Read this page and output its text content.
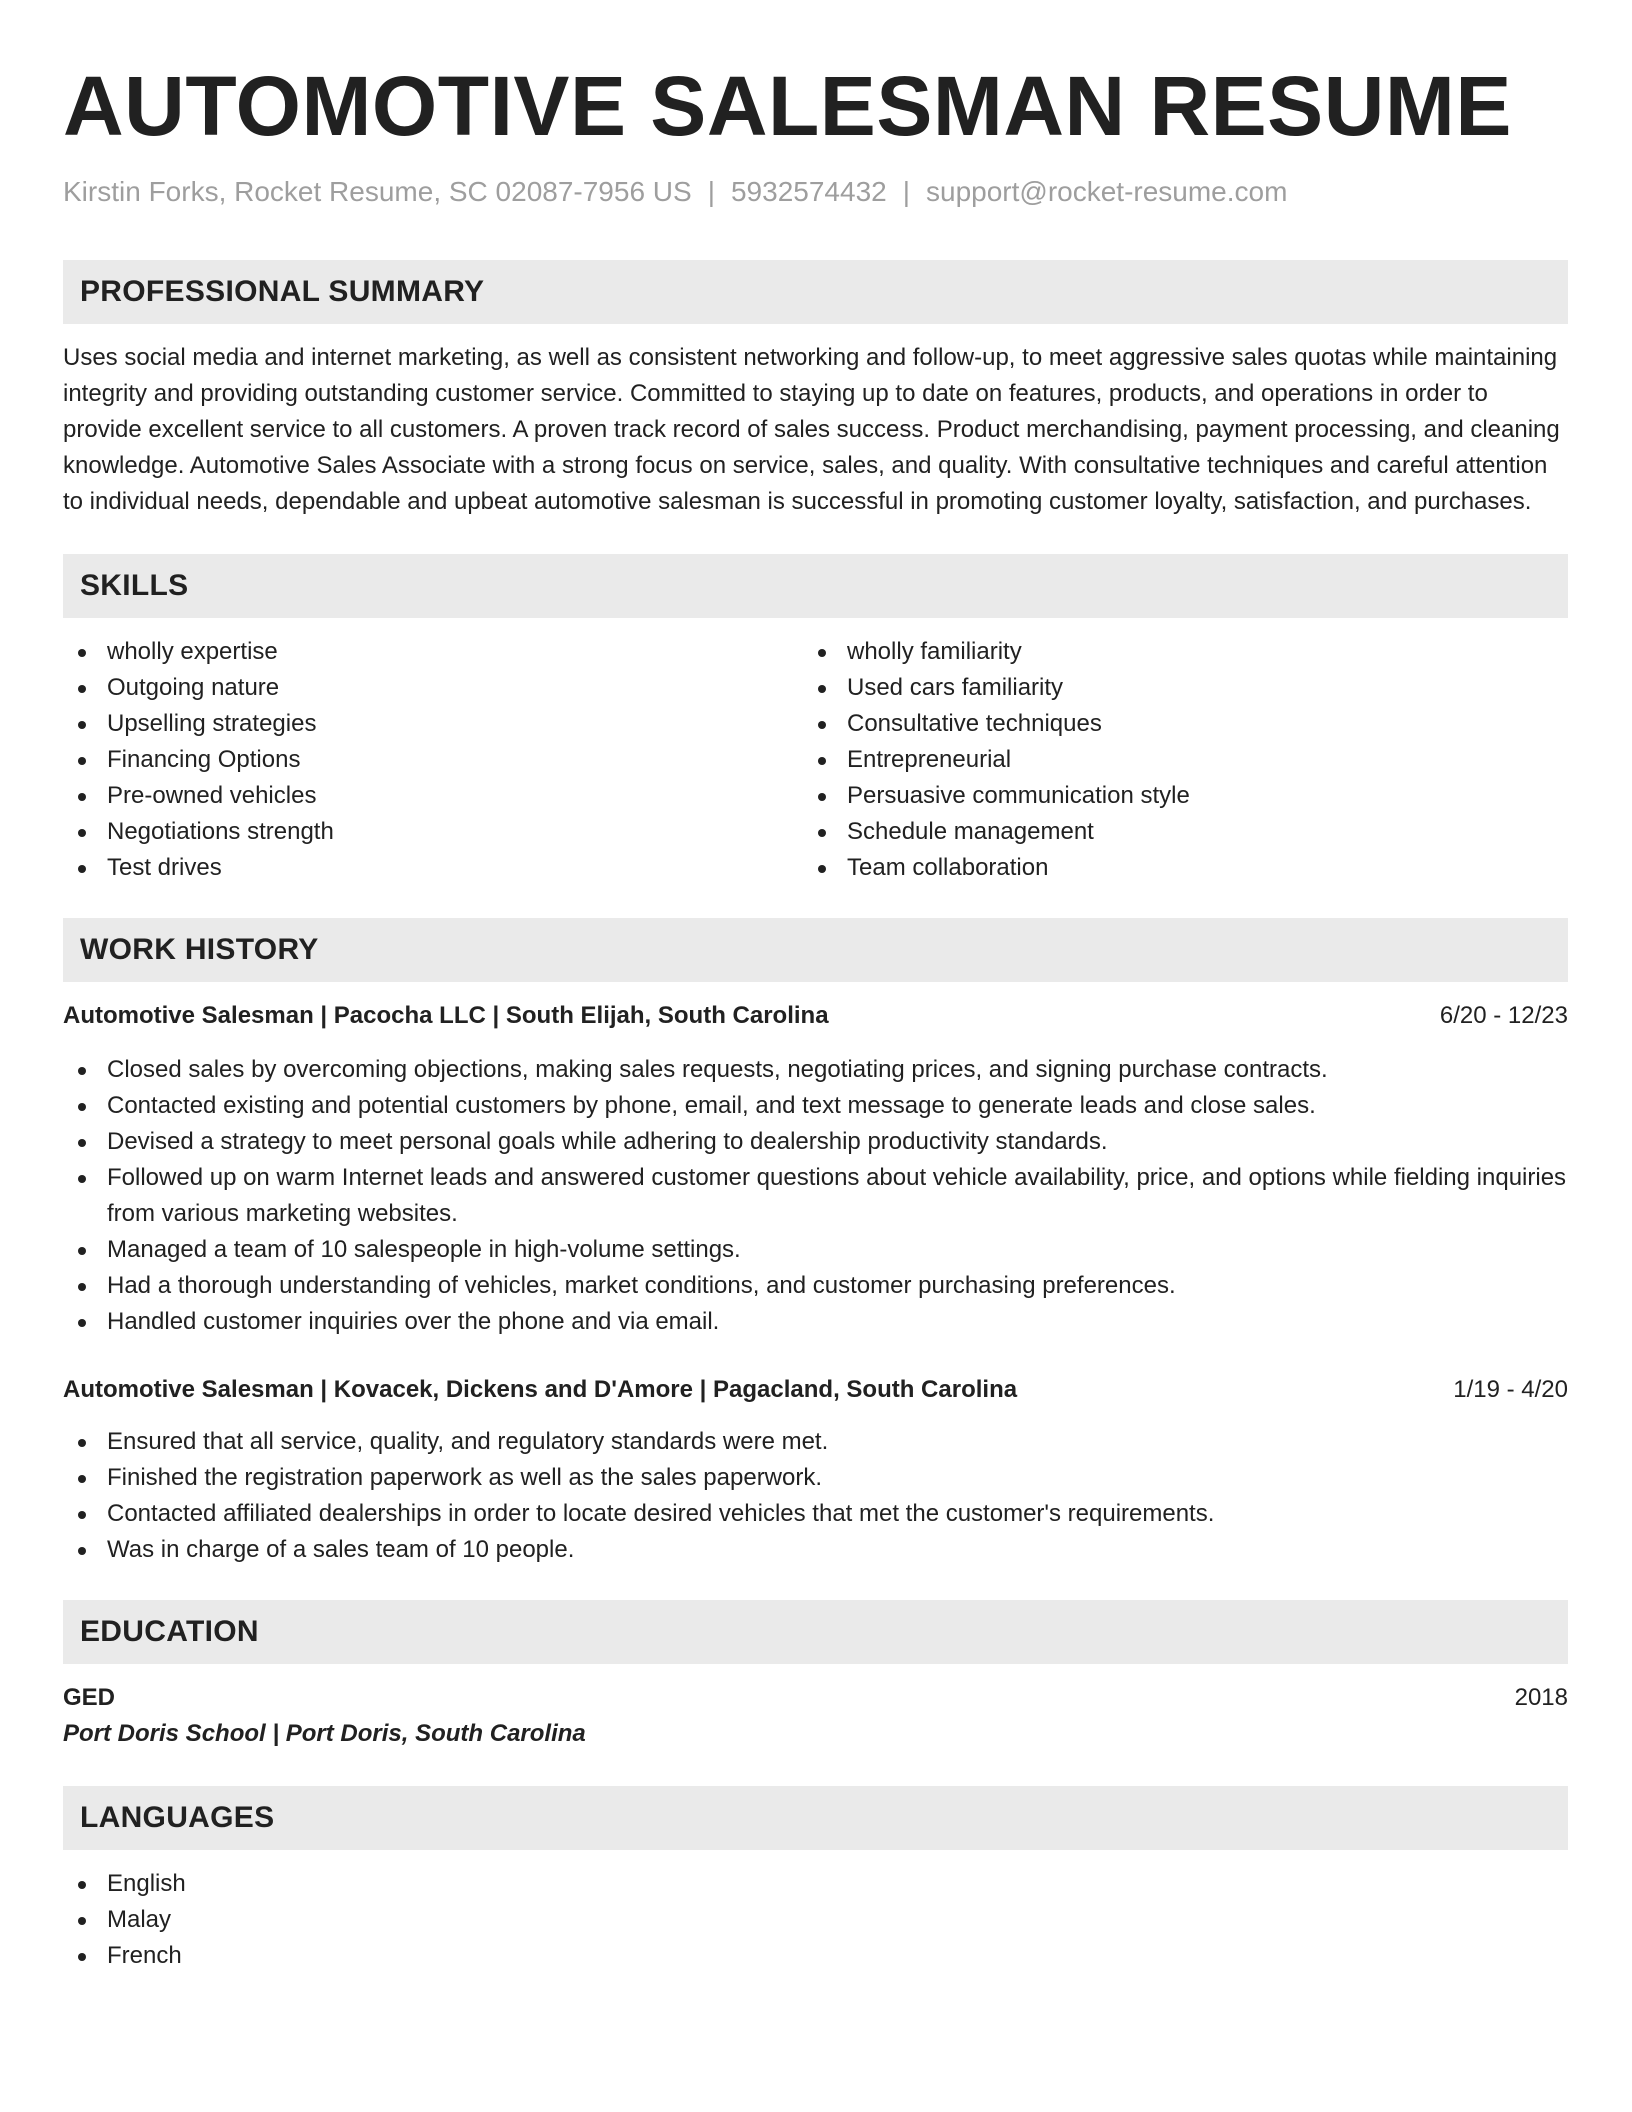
AUTOMOTIVE SALESMAN RESUME
Kirstin Forks, Rocket Resume, SC 02087-7956 US | 5932574432 | support@rocket-resume.com
PROFESSIONAL SUMMARY

Uses social media and internet marketing, as well as consistent networking and follow-up, to meet aggressive sales quotas while maintaining integrity and providing outstanding customer service. Committed to staying up to date on features, products, and operations in order to provide excellent service to all customers. A proven track record of sales success. Product merchandising, payment processing, and cleaning knowledge. Automotive Sales Associate with a strong focus on service, sales, and quality. With consultative techniques and careful attention to individual needs, dependable and upbeat automotive salesman is successful in promoting customer loyalty, satisfaction, and purchases.

SKILLS
wholly expertise
Outgoing nature
Upselling strategies
Financing Options
Pre-owned vehicles
Negotiations strength
Test drives
wholly familiarity
Used cars familiarity
Consultative techniques
Entrepreneurial
Persuasive communication style
Schedule management
Team collaboration
WORK HISTORY
Automotive Salesman | Pacocha LLC | South Elijah, South Carolina	6/20 - 12/23
Closed sales by overcoming objections, making sales requests, negotiating prices, and signing purchase contracts.
Contacted existing and potential customers by phone, email, and text message to generate leads and close sales.
Devised a strategy to meet personal goals while adhering to dealership productivity standards.
Followed up on warm Internet leads and answered customer questions about vehicle availability, price, and options while fielding inquiries from various marketing websites.
Managed a team of 10 salespeople in high-volume settings.
Had a thorough understanding of vehicles, market conditions, and customer purchasing preferences.
Handled customer inquiries over the phone and via email.
Automotive Salesman | Kovacek, Dickens and D'Amore | Pagacland, South Carolina	1/19 - 4/20
Ensured that all service, quality, and regulatory standards were met.
Finished the registration paperwork as well as the sales paperwork.
Contacted affiliated dealerships in order to locate desired vehicles that met the customer's requirements.
Was in charge of a sales team of 10 people.
EDUCATION
GED	2018
Port Doris School | Port Doris, South Carolina
LANGUAGES
English
Malay
French
